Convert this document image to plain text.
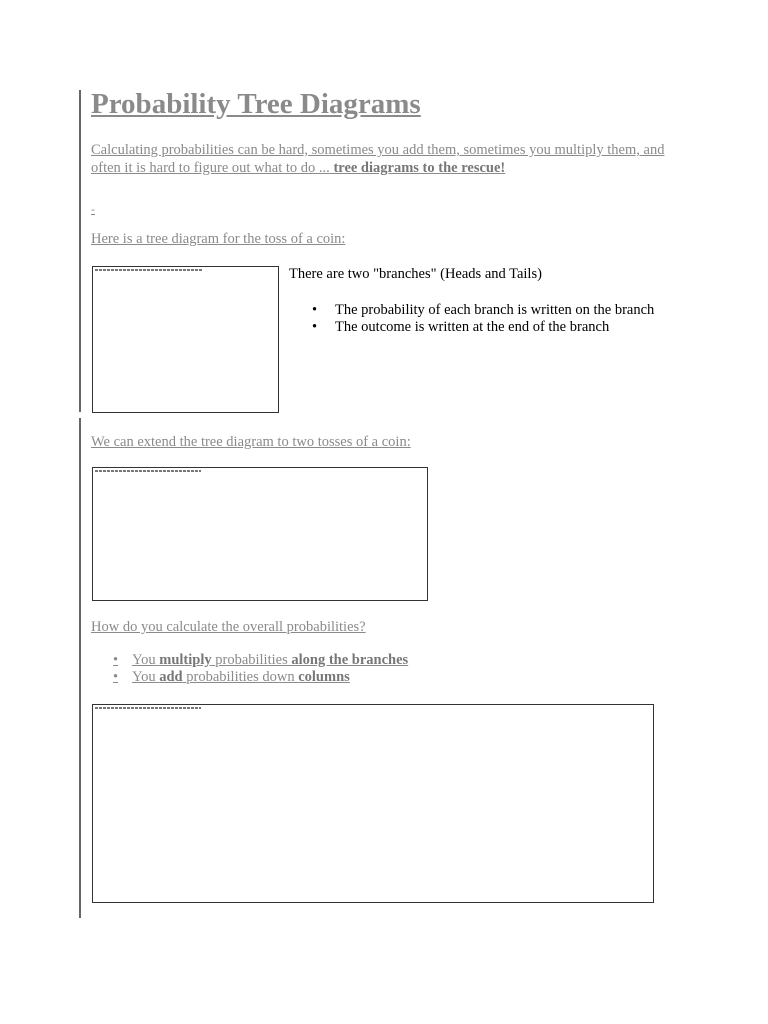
Probability Tree Diagrams
Calculating probabilities can be hard, sometimes you add them, sometimes you multiply them, and often it is hard to figure out what to do ... tree diagrams to the rescue!
-
Here is a tree diagram for the toss of a coin:
There are two "branches" (Heads and Tails)
• The probability of each branch is written on the branch
• The outcome is written at the end of the branch
We can extend the tree diagram to two tosses of a coin:
How do you calculate the overall probabilities?
• You multiply probabilities along the branches
• You add probabilities down columns
